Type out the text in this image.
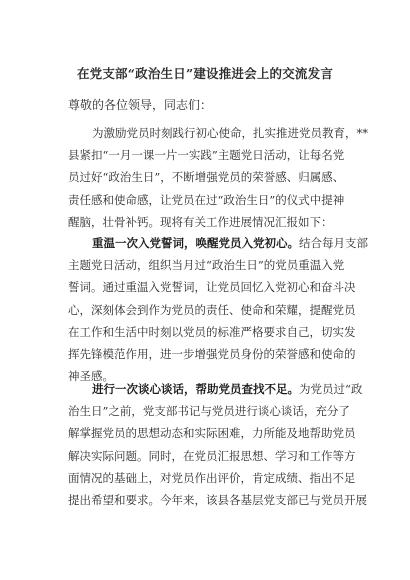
在党支部“政治生日”建设推进会上的交流发言
尊敬的各位领导，同志们：
为激励党员时刻践行初心使命，扎实推进党员教育，**
县紧扣“一月一课一片一实践”主题党日活动，让每名党
员过好“政治生日”，不断增强党员的荣誉感、归属感、
责任感和使命感，让党员在过“政治生日”的仪式中提神
醒脑，壮骨补钙。现将有关工作进展情况汇报如下：
重温一次入党誓词，唤醒党员入党初心。结合每月支部
主题党日活动，组织当月过“政治生日”的党员重温入党
誓词。通过重温入党誓词，让党员回忆入党初心和奋斗决
心，深刻体会到作为党员的责任、使命和荣耀，提醒党员
在工作和生活中时刻以党员的标准严格要求自己，切实发
挥先锋模范作用，进一步增强党员身份的荣誉感和使命的
神圣感。
进行一次谈心谈话，帮助党员查找不足。为党员过“政
治生日”之前，党支部书记与党员进行谈心谈话，充分了
解掌握党员的思想动态和实际困难，力所能及地帮助党员
解决实际问题。同时，在党员汇报思想、学习和工作等方
面情况的基础上，对党员作出评价，肯定成绩、指出不足
提出希望和要求。今年来，该县各基层党支部已与党员开展
